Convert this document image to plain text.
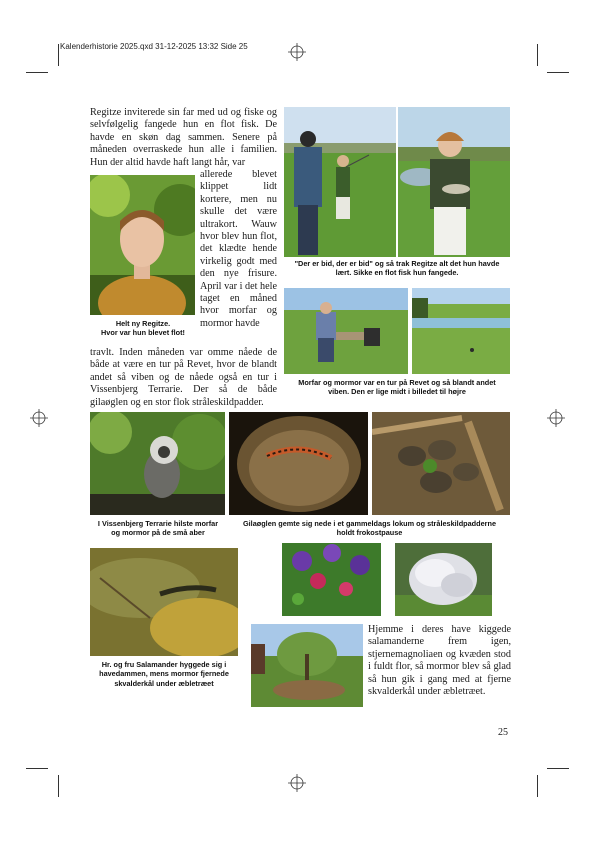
Kalenderhistorie 2025.qxd 31-12-2025 13:32 Side 25
Regitze inviterede sin far med ud og fiske og selvfølgelig fangede hun en flot fisk. De havde en skøn dag sammen. Senere på måneden overraskede hun alle i familien. Hun der altid havde haft langt hår, var
allerede blevet klippet lidt kortere, men nu skulle det være ultrakort. Wauw hvor blev hun flot, det klædte hende virkelig godt med den nye frisure. April var i det hele taget en måned hvor morfar og mormor havde
travlt. Inden måneden var omme nåede de både at være en tur på Revet, hvor de blandt andet så viben og de nåede også en tur i Vissenbjerg Terrarie. Der så de både gilaøglen og en stor flok stråleskildpadder.
Hjemme i deres have kiggede salamanderne frem igen, stjernemagnoliaen og kvæden stod i fuldt flor, så mormor blev så glad så hun gik i gang med at fjerne skvalderkål under æbletræet.
Helt ny Regitze.
Hvor var hun blevet flot!
"Der er bid, der er bid" og så trak Regitze alt det hun havde
lært. Sikke en flot fisk hun fangede.
Morfar og mormor var en tur på Revet og så blandt andet
viben. Den er lige midt i billedet til højre
I Vissenbjerg Terrarie hilste morfar
og mormor på de små aber
Gilaøglen gemte sig nede i et gammeldags lokum og stråleskildpadderne
holdt frokostpause
Hr. og fru Salamander hyggede sig i
havedammen, mens mormor fjernede
skvalderkål under æbletræet
25
